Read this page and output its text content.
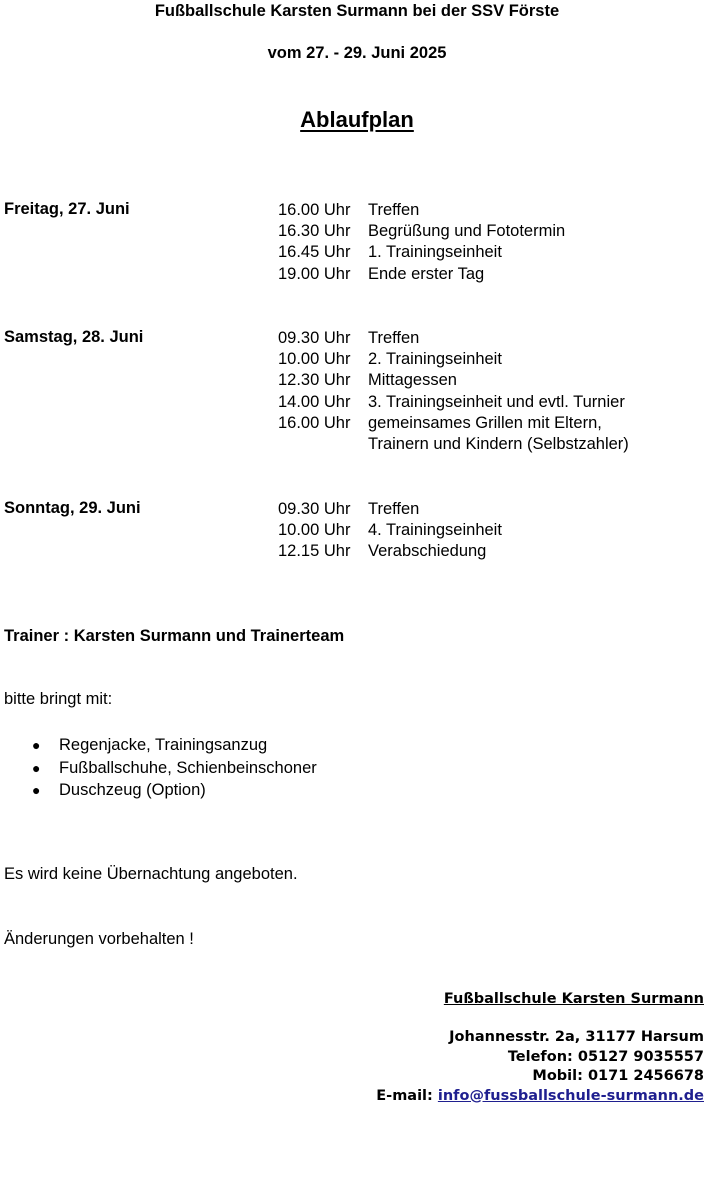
Fußballschule Karsten Surmann bei der SSV Förste
vom 27. - 29. Juni 2025
Ablaufplan
Freitag, 27. Juni	16.00 Uhr Treffen
16.30 Uhr Begrüßung und Fototermin
16.45 Uhr 1. Trainingseinheit
19.00 Uhr Ende erster Tag
Samstag, 28. Juni	09.30 Uhr Treffen
10.00 Uhr 2. Trainingseinheit
12.30 Uhr Mittagessen
14.00 Uhr 3. Trainingseinheit und evtl. Turnier
16.00 Uhr gemeinsames Grillen mit Eltern,
Trainern und Kindern (Selbstzahler)
Sonntag, 29. Juni	09.30 Uhr Treffen
10.00 Uhr 4. Trainingseinheit
12.15 Uhr Verabschiedung
Trainer : Karsten Surmann und Trainerteam
bitte bringt mit:
● Regenjacke, Trainingsanzug
● Fußballschuhe, Schienbeinschoner
● Duschzeug (Option)
Es wird keine Übernachtung angeboten.
Änderungen vorbehalten !
Fußballschule Karsten Surmann
Johannesstr. 2a, 31177 Harsum
Telefon: 05127 9035557
Mobil: 0171 2456678
E-mail: info@fussballschule-surmann.de
